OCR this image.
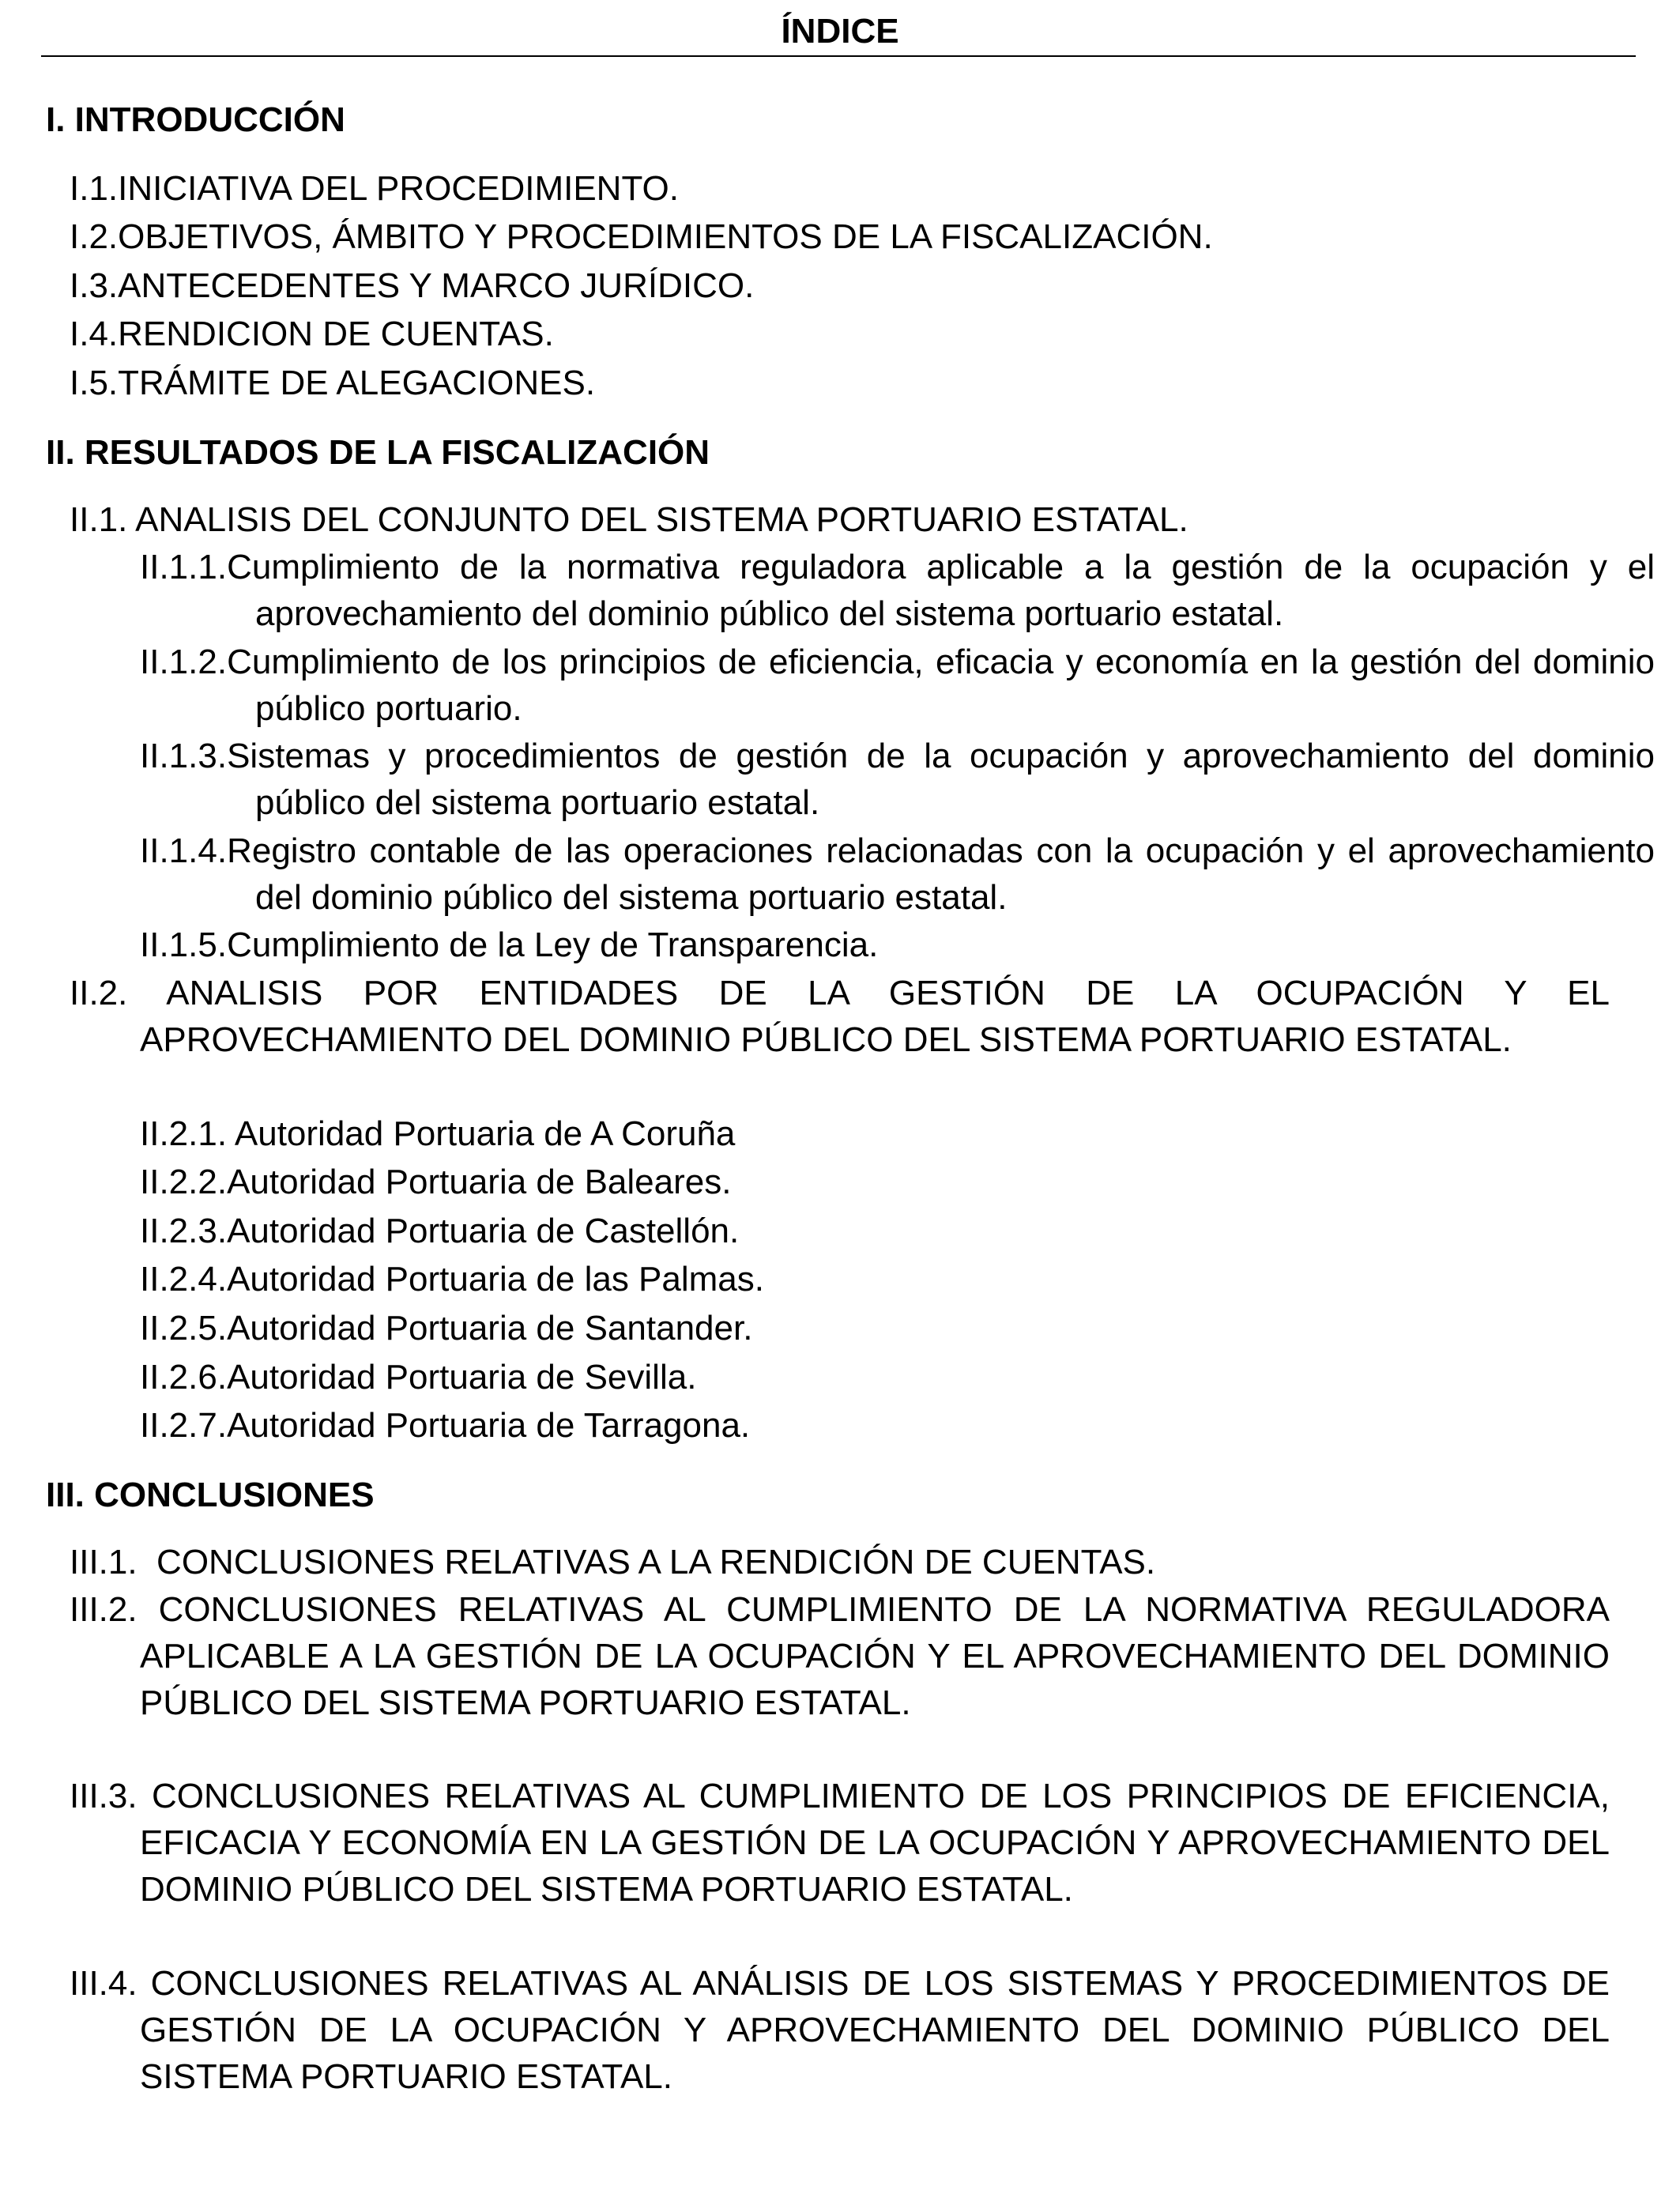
ÍNDICE
I. INTRODUCCIÓN
I.1.INICIATIVA DEL PROCEDIMIENTO.
I.2.OBJETIVOS, ÁMBITO Y PROCEDIMIENTOS DE LA FISCALIZACIÓN.
I.3.ANTECEDENTES Y MARCO JURÍDICO.
I.4.RENDICION DE CUENTAS.
I.5.TRÁMITE DE ALEGACIONES.
II. RESULTADOS DE LA FISCALIZACIÓN
II.1. ANALISIS DEL CONJUNTO DEL SISTEMA PORTUARIO ESTATAL.
II.1.1.Cumplimiento de la normativa reguladora aplicable a la gestión de la ocupación y el aprovechamiento del dominio público del sistema portuario estatal.
II.1.2.Cumplimiento de los principios de eficiencia, eficacia y economía en la gestión del dominio público portuario.
II.1.3.Sistemas y procedimientos de gestión de la ocupación y aprovechamiento del dominio público del sistema portuario estatal.
II.1.4.Registro contable de las operaciones relacionadas con la ocupación y el aprovechamiento del dominio público del sistema portuario estatal.
II.1.5.Cumplimiento de la Ley de Transparencia.
II.2. ANALISIS POR ENTIDADES DE LA GESTIÓN DE LA OCUPACIÓN Y EL APROVECHAMIENTO DEL DOMINIO PÚBLICO DEL SISTEMA PORTUARIO ESTATAL.
II.2.1. Autoridad Portuaria de A Coruña
II.2.2.Autoridad Portuaria de Baleares.
II.2.3.Autoridad Portuaria de Castellón.
II.2.4.Autoridad Portuaria de las Palmas.
II.2.5.Autoridad Portuaria de Santander.
II.2.6.Autoridad Portuaria de Sevilla.
II.2.7.Autoridad Portuaria de Tarragona.
III. CONCLUSIONES
III.1.  CONCLUSIONES RELATIVAS A LA RENDICIÓN DE CUENTAS.
III.2. CONCLUSIONES RELATIVAS AL CUMPLIMIENTO DE LA NORMATIVA REGULADORA APLICABLE A LA GESTIÓN DE LA OCUPACIÓN Y EL APROVECHAMIENTO DEL DOMINIO PÚBLICO DEL SISTEMA PORTUARIO ESTATAL.
III.3. CONCLUSIONES RELATIVAS AL CUMPLIMIENTO DE LOS PRINCIPIOS DE EFICIENCIA, EFICACIA Y ECONOMÍA EN LA GESTIÓN DE LA OCUPACIÓN Y APROVECHAMIENTO DEL DOMINIO PÚBLICO DEL SISTEMA PORTUARIO ESTATAL.
III.4. CONCLUSIONES RELATIVAS AL ANÁLISIS DE LOS SISTEMAS Y PROCEDIMIENTOS DE GESTIÓN DE LA OCUPACIÓN Y APROVECHAMIENTO DEL DOMINIO PÚBLICO DEL SISTEMA PORTUARIO ESTATAL.
